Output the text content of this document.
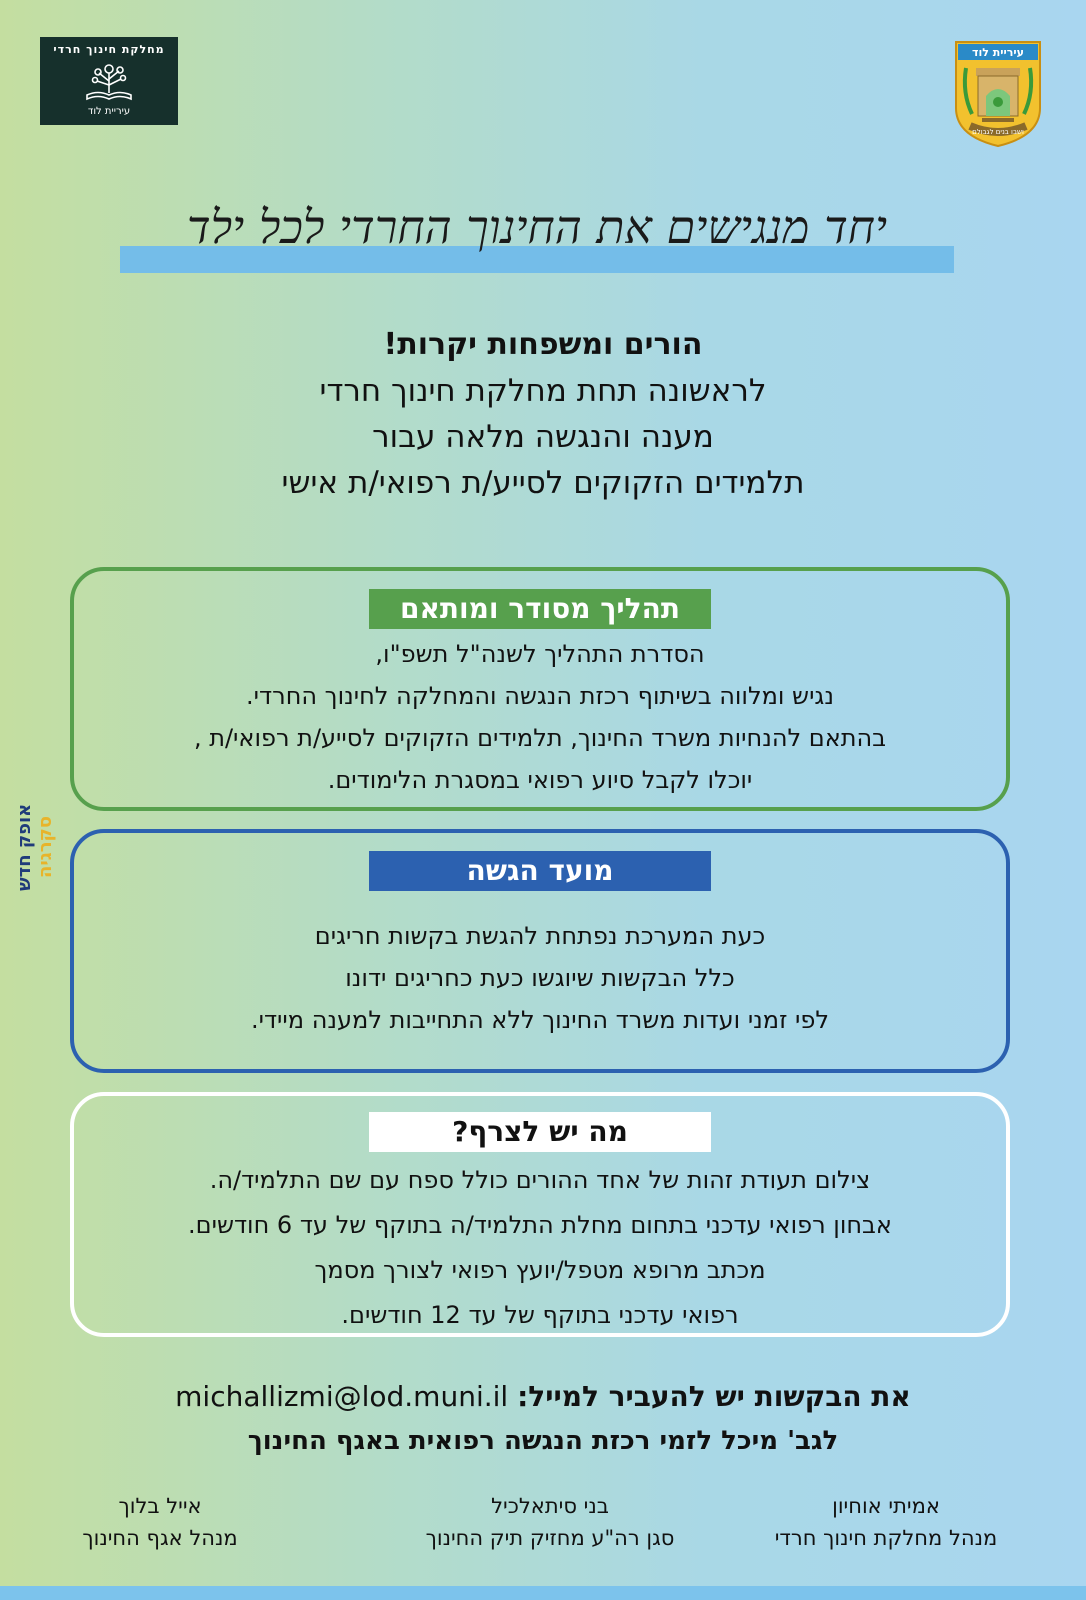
מחלקת חינוך חרדי
עיריית לוד
עיריית לוד
ושבו בנים לגבולם
יחד מנגישים את החינוך החרדי לכל ילד
הורים ומשפחות יקרות!
לראשונה תחת מחלקת חינוך חרדי
מענה והנגשה מלאה עבור
תלמידים הזקוקים לסייע/ת רפואי/ת אישי
תהליך מסודר ומותאם
הסדרת התהליך לשנה"ל תשפ"ו,
נגיש ומלווה בשיתוף רכזת הנגשה והמחלקה לחינוך החרדי.
בהתאם להנחיות משרד החינוך, תלמידים הזקוקים לסייע/ת רפואי/ת ,
יוכלו לקבל סיוע רפואי במסגרת הלימודים.
אופק חדש סקרגיה	מועד הגשה
כעת המערכת נפתחת להגשת בקשות חריגים
כלל הבקשות שיוגשו כעת כחריגים ידונו
לפי זמני ועדות משרד החינוך ללא התחייבות למענה מיידי.
מה יש לצרף?
צילום תעודת זהות של אחד ההורים כולל ספח עם שם התלמיד/ה.
אבחון רפואי עדכני בתחום מחלת התלמיד/ה בתוקף של עד 6 חודשים.
מכתב מרופא מטפל/יועץ רפואי לצורך מסמך
רפואי עדכני בתוקף של עד 12 חודשים.
את הבקשות יש להעביר למייל: michallizmi@lod.muni.il
לגב' מיכל לזמי רכזת הנגשה רפואית באגף החינוך
אמיתי אוחיון
מנהל מחלקת חינוך חרדי
בני סיתאלכיל
סגן רה"ע מחזיק תיק החינוך
אייל בלוך
מנהל אגף החינוך
